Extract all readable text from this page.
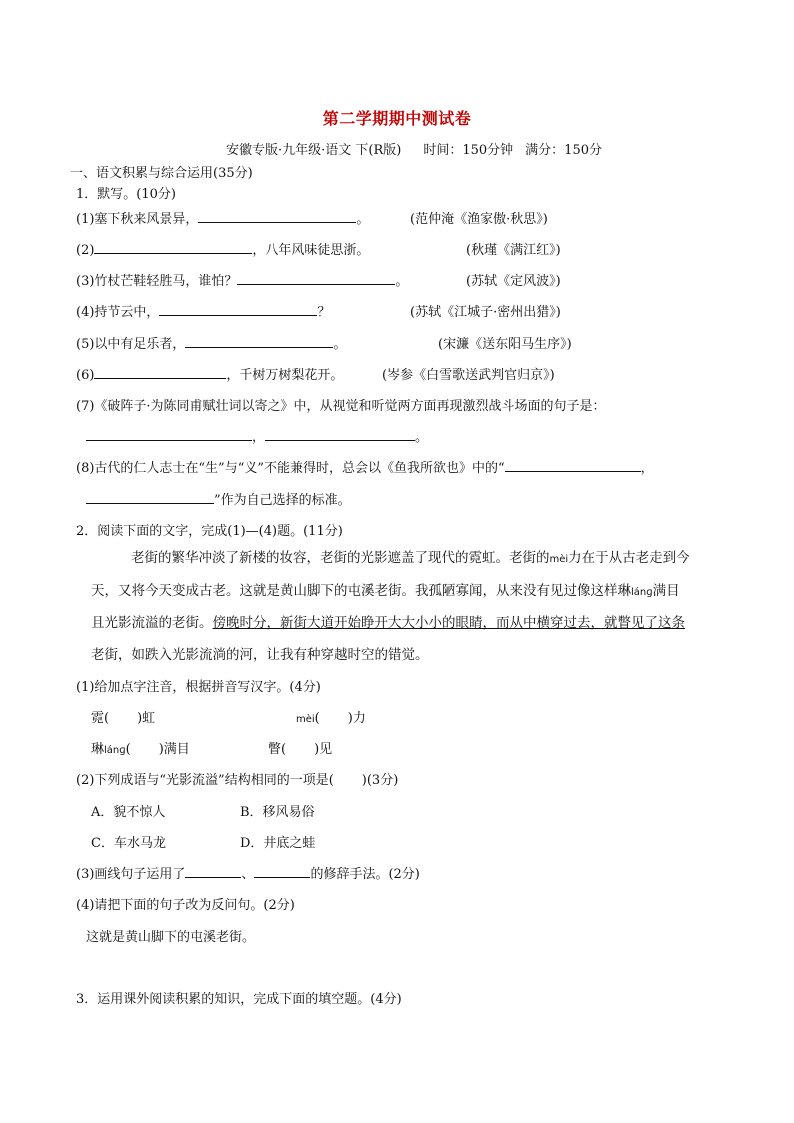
第二学期期中测试卷
安徽专版·九年级·语文 下(R版) 时间：150分钟 满分：150分
一、语文积累与综合运用(35分)
1．默写。(10分)
(1)塞下秋来风景异，	。	(范仲淹《渔家傲·秋思》)
(2)	，八年风味徒思浙。	(秋瑾《满江红》)
(3)竹杖芒鞋轻胜马，谁怕？	。	(苏轼《定风波》)
(4)持节云中，	？	(苏轼《江城子·密州出猎》)
(5)以中有足乐者，	。	(宋濂《送东阳马生序》)
(6)	，千树万树梨花开。	(岑参《白雪歌送武判官归京》)
(7)《破阵子·为陈同甫赋壮词以寄之》中，从视觉和听觉两方面再现激烈战斗场面的句子是：
，	。
(8)古代的仁人志士在“生”与“义”不能兼得时，总会以《鱼我所欲也》中的“	，
”作为自己选择的标准。
2．阅读下面的文字，完成(1)—(4)题。(11分)
老街的繁华冲淡了新楼的妆容，老街的光影遮盖了现代的霓虹。老街的mèi力在于从古老走到今
天，又将今天变成古老。这就是黄山脚下的屯溪老街。我孤陋寡闻，从来没有见过像这样琳lánɡ满目
且光影流溢的老街。傍晚时分，新街大道开始睁开大大小小的眼睛，而从中横穿过去，就瞥见了这条
老街，如跌入光影流淌的河，让我有种穿越时空的错觉。
(1)给加点字注音，根据拼音写汉字。(4分)
霓( )虹	mèi( )力
琳lánɡ( )满目	瞥( )见
(2)下列成语与“光影流溢”结构相同的一项是( )(3分)
A．貌不惊人	B．移风易俗
C．车水马龙	D．井底之蛙
(3)画线句子运用了	、	的修辞手法。(2分)
(4)请把下面的句子改为反问句。(2分)
这就是黄山脚下的屯溪老街。
3．运用课外阅读积累的知识，完成下面的填空题。(4分)
